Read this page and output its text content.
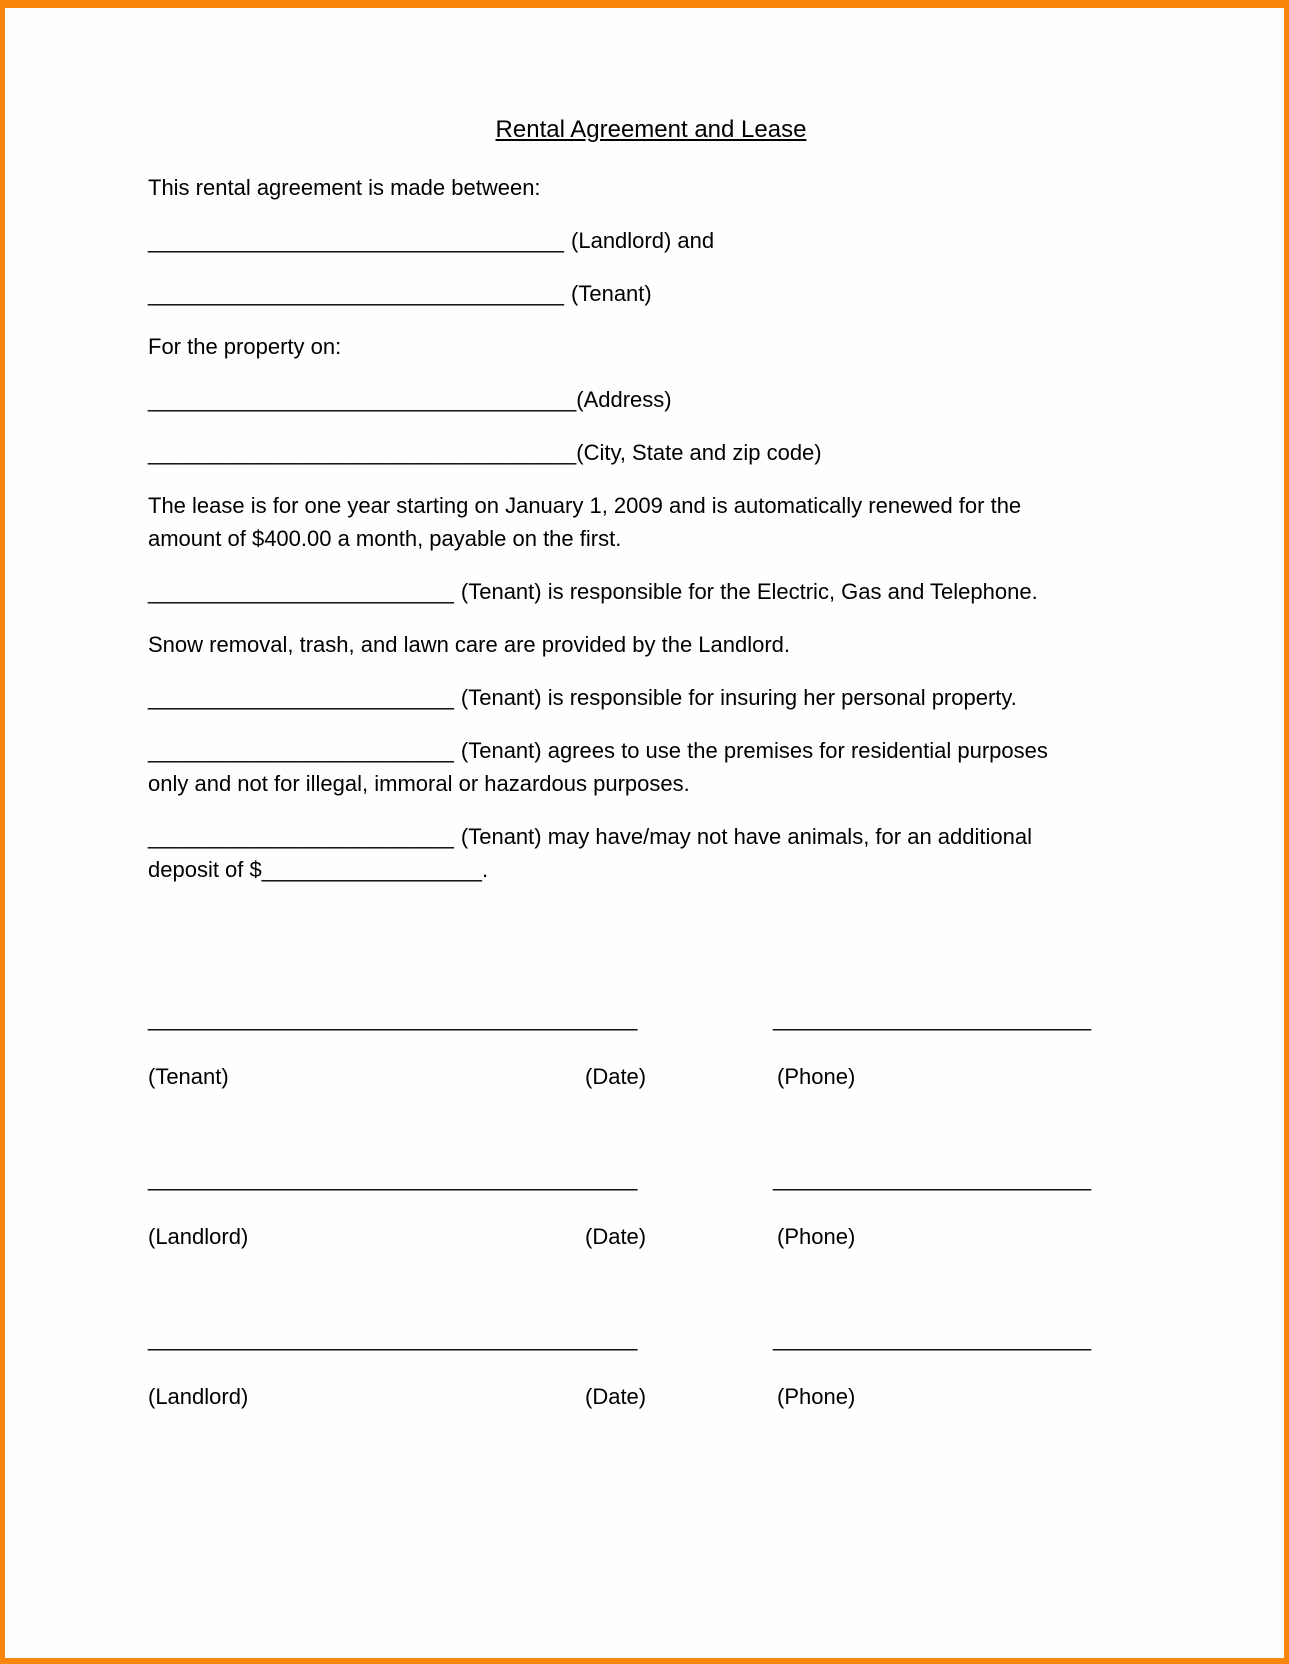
Rental Agreement and Lease
This rental agreement is made between:
__________________________________ (Landlord) and
__________________________________ (Tenant)
For the property on:
___________________________________(Address)
___________________________________(City, State and zip code)
The lease is for one year starting on January 1, 2009 and is automatically renewed for the
amount of $400.00 a month, payable on the first.
_________________________ (Tenant) is responsible for the Electric, Gas and Telephone.
Snow removal, trash, and lawn care are provided by the Landlord.
_________________________ (Tenant) is responsible for insuring her personal property.
_________________________ (Tenant) agrees to use the premises for residential purposes
only and not for illegal, immoral or hazardous purposes.
_________________________ (Tenant) may have/may not have animals, for an additional
deposit of $__________________.
________________________________________	__________________________
(Tenant)	(Date)	(Phone)
________________________________________	__________________________
(Landlord)	(Date)	(Phone)
________________________________________	__________________________
(Landlord)	(Date)	(Phone)
